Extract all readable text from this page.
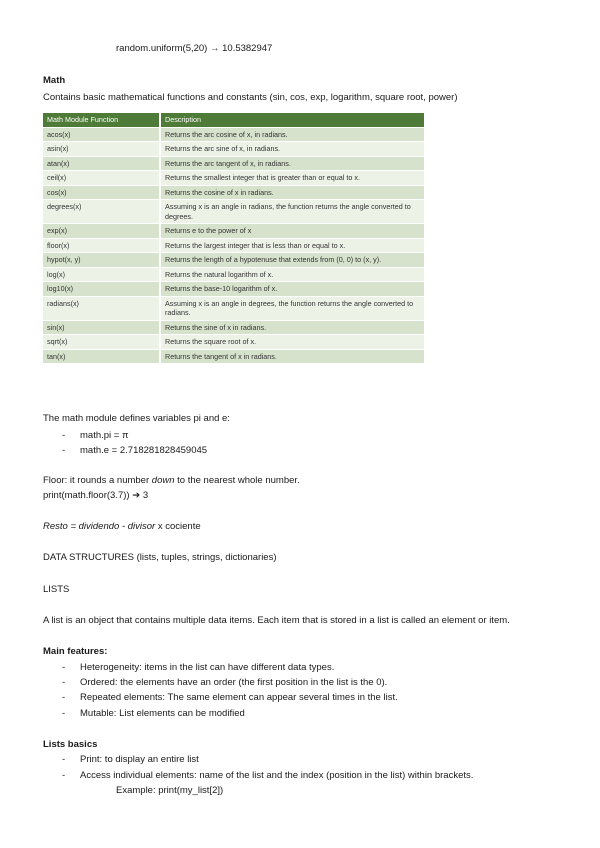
random.uniform(5,20) → 10.5382947
Math
Contains basic mathematical functions and constants (sin, cos, exp, logarithm, square root, power)
Math Module Function	Description
acos(x)	Returns the arc cosine of x, in radians.
asin(x)	Returns the arc sine of x, in radians.
atan(x)	Returns the arc tangent of x, in radians.
ceil(x)	Returns the smallest integer that is greater than or equal to x.
cos(x)	Returns the cosine of x in radians.
degrees(x)	Assuming x is an angle in radians, the function returns the angle converted to degrees.
exp(x)	Returns e to the power of x
floor(x)	Returns the largest integer that is less than or equal to x.
hypot(x, y)	Returns the length of a hypotenuse that extends from (0, 0) to (x, y).
log(x)	Returns the natural logarithm of x.
log10(x)	Returns the base-10 logarithm of x.
radians(x)	Assuming x is an angle in degrees, the function returns the angle converted to radians.
sin(x)	Returns the sine of x in radians.
sqrt(x)	Returns the square root of x.
tan(x)	Returns the tangent of x in radians.
The math module defines variables pi and e:
- math.pi = π
- math.e = 2.718281828459045
Floor: it rounds a number down to the nearest whole number.
print(math.floor(3.7)) ➔ 3
Resto = dividendo - divisor x cociente
DATA STRUCTURES (lists, tuples, strings, dictionaries)
LISTS
A list is an object that contains multiple data items. Each item that is stored in a list is called an element or item.
Main features:
- Heterogeneity: items in the list can have different data types.
- Ordered: the elements have an order (the first position in the list is the 0).
- Repeated elements: The same element can appear several times in the list.
- Mutable: List elements can be modified
Lists basics
- Print: to display an entire list
- Access individual elements: name of the list and the index (position in the list) within brackets.
Example: print(my_list[2])
